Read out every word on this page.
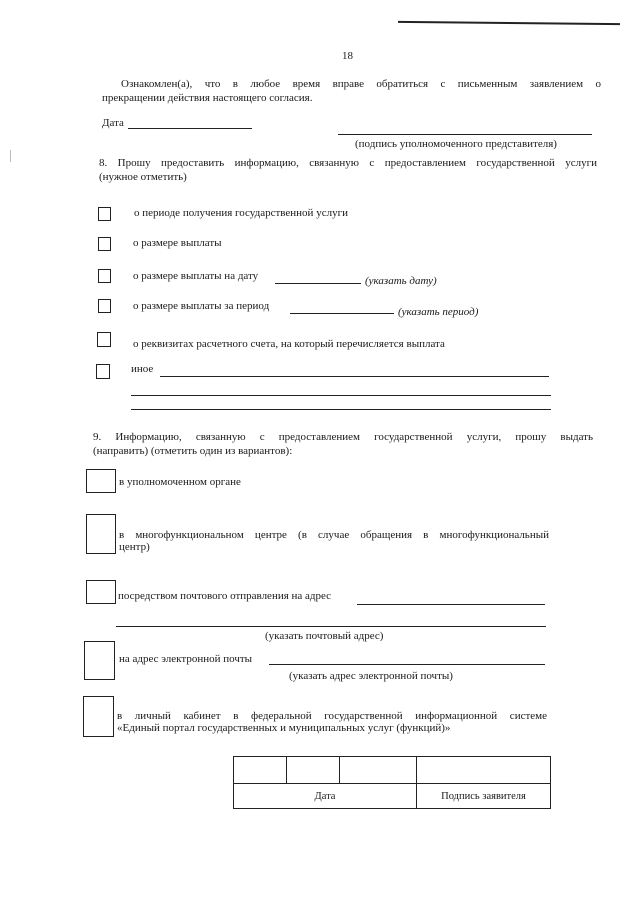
18
Ознакомлен(а), что в любое время вправе обратиться с письменным заявлением о
прекращении действия настоящего согласия.
Дата
(подпись уполномоченного представителя)
8. Прошу предоставить информацию, связанную с предоставлением государственной услуги
(нужное отметить)
о периоде получения государственной услуги
о размере выплаты
о размере выплаты на дату	(указать дату)
о размере выплаты за период	(указать период)
о реквизитах расчетного счета, на который перечисляется выплата
иное
9. Информацию, связанную с предоставлением государственной услуги, прошу выдать
(направить) (отметить один из вариантов):
в уполномоченном органе
в многофункциональном центре (в случае обращения в многофункциональный
центр)
посредством почтового отправления на адрес
(указать почтовый адрес)
на адрес электронной почты
(указать адрес электронной почты)
в личный кабинет в федеральной государственной информационной системе
«Единый портал государственных и муниципальных услуг (функций)»

Дата			Подпись заявителя
